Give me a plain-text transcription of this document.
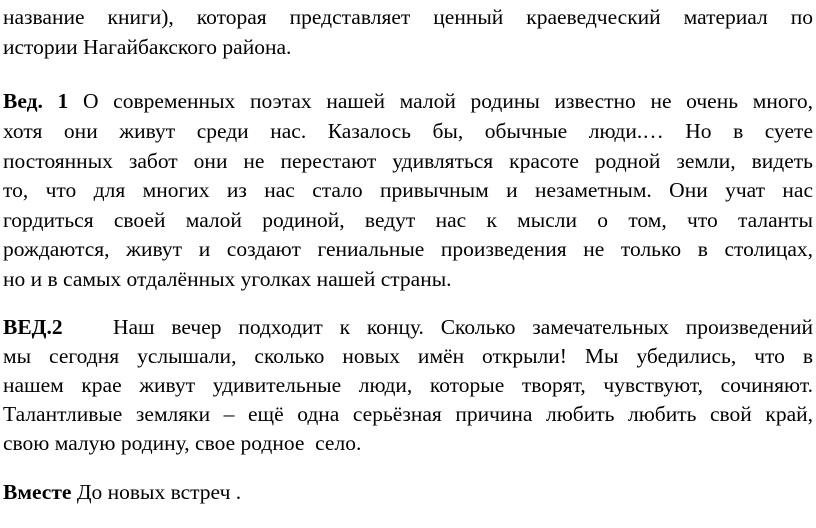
название книги), которая представляет ценный краеведческий материал по
истории Нагайбакского района.
Вед. 1 О современных поэтах нашей малой родины известно не очень много,
хотя они живут среди нас. Казалось бы, обычные люди.… Но в суете
постоянных забот они не перестают удивляться красоте родной земли, видеть
то, что для многих из нас стало привычным и незаметным. Они учат нас
гордиться своей малой родиной, ведут нас к мысли о том, что таланты
рождаются, живут и создают гениальные произведения не только в столицах,
но и в самых отдалённых уголках нашей страны.
ВЕД.2   Наш вечер подходит к концу. Сколько замечательных произведений
мы сегодня услышали, сколько новых имён открыли! Мы убедились, что в
нашем крае живут удивительные люди, которые творят, чувствуют, сочиняют.
Талантливые земляки – ещё одна серьёзная причина любить любить свой край,
свою малую родину, свое родное  село.
Вместе До новых встреч .
